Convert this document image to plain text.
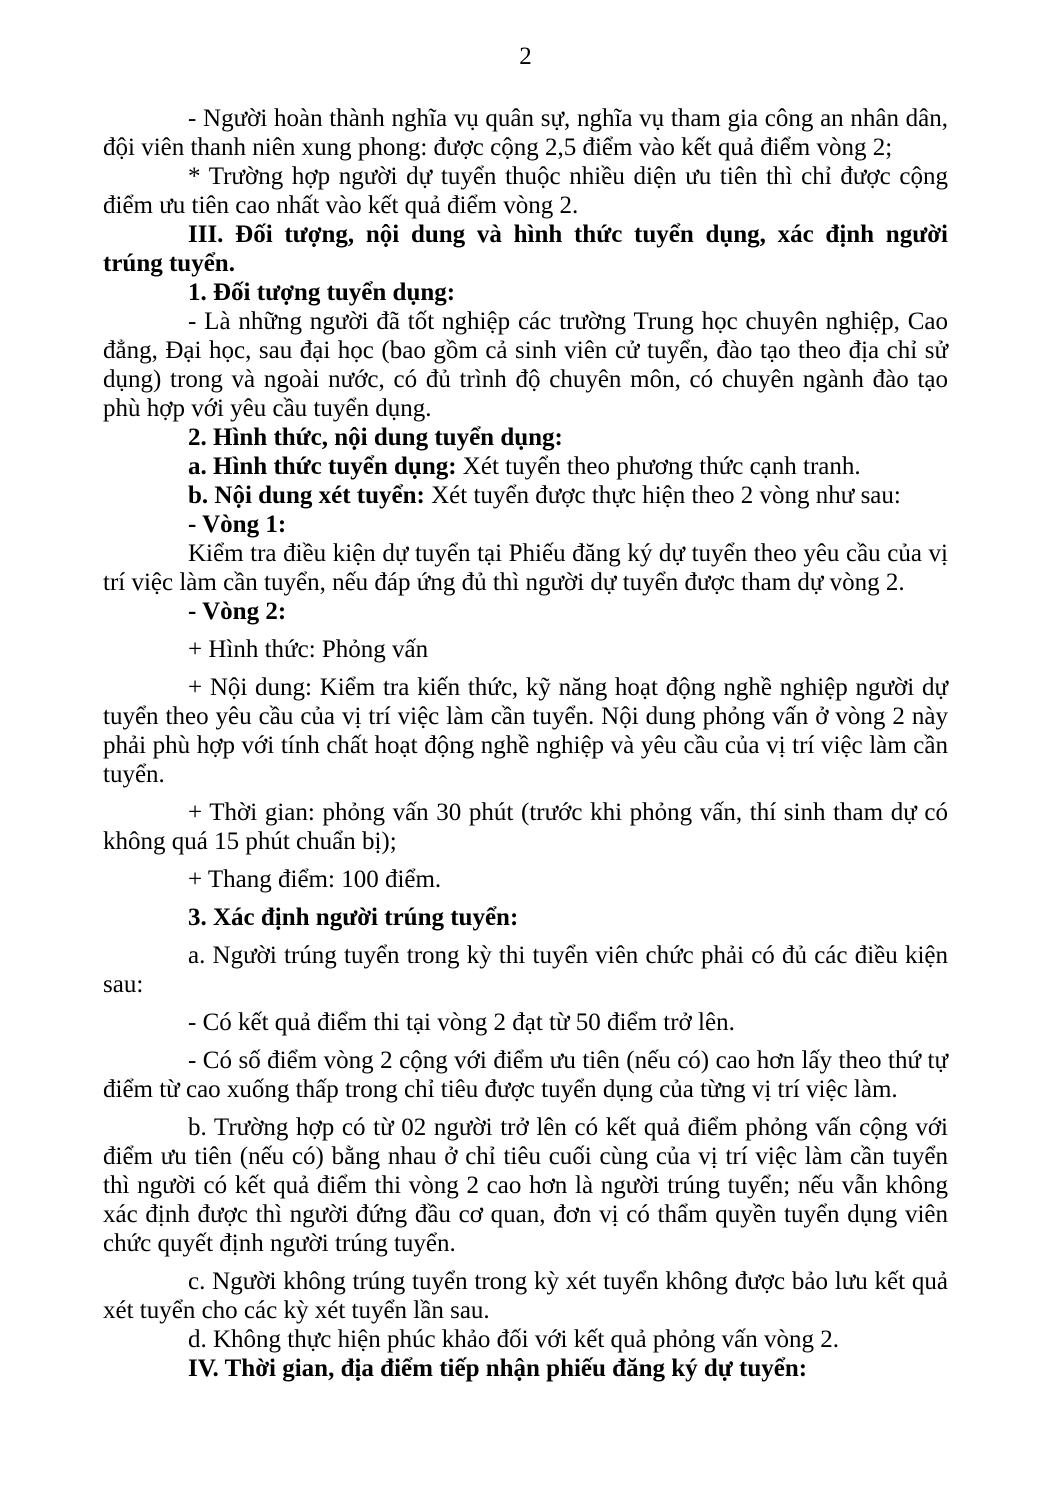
2

- Người hoàn thành nghĩa vụ quân sự, nghĩa vụ tham gia công an nhân dân, đội viên thanh niên xung phong: được cộng 2,5 điểm vào kết quả điểm vòng 2;

* Trường hợp người dự tuyển thuộc nhiều diện ưu tiên thì chỉ được cộng điểm ưu tiên cao nhất vào kết quả điểm vòng 2.

III. Đối tượng, nội dung và hình thức tuyển dụng, xác định người trúng tuyển.

1. Đối tượng tuyển dụng:

- Là những người đã tốt nghiệp các trường Trung học chuyên nghiệp, Cao đẳng, Đại học, sau đại học (bao gồm cả sinh viên cử tuyển, đào tạo theo địa chỉ sử dụng) trong và ngoài nước, có đủ trình độ chuyên môn, có chuyên ngành đào tạo phù hợp với yêu cầu tuyển dụng.

2. Hình thức, nội dung tuyển dụng:

a. Hình thức tuyển dụng: Xét tuyển theo phương thức cạnh tranh.

b. Nội dung xét tuyển: Xét tuyển được thực hiện theo 2 vòng như sau:

- Vòng 1:

Kiểm tra điều kiện dự tuyển tại Phiếu đăng ký dự tuyển theo yêu cầu của vị trí việc làm cần tuyển, nếu đáp ứng đủ thì người dự tuyển được tham dự vòng 2.

- Vòng 2:

+ Hình thức: Phỏng vấn

+ Nội dung: Kiểm tra kiến thức, kỹ năng hoạt động nghề nghiệp người dự tuyển theo yêu cầu của vị trí việc làm cần tuyển. Nội dung phỏng vấn ở vòng 2 này phải phù hợp với tính chất hoạt động nghề nghiệp và yêu cầu của vị trí việc làm cần tuyển.

+ Thời gian: phỏng vấn 30 phút (trước khi phỏng vấn, thí sinh tham dự có không quá 15 phút chuẩn bị);

+ Thang điểm: 100 điểm.

3. Xác định người trúng tuyển:

a. Người trúng tuyển trong kỳ thi tuyển viên chức phải có đủ các điều kiện sau:

- Có kết quả điểm thi tại vòng 2 đạt từ 50 điểm trở lên.

- Có số điểm vòng 2 cộng với điểm ưu tiên (nếu có) cao hơn lấy theo thứ tự điểm từ cao xuống thấp trong chỉ tiêu được tuyển dụng của từng vị trí việc làm.

b. Trường hợp có từ 02 người trở lên có kết quả điểm phỏng vấn cộng với điểm ưu tiên (nếu có) bằng nhau ở chỉ tiêu cuối cùng của vị trí việc làm cần tuyển thì người có kết quả điểm thi vòng 2 cao hơn là người trúng tuyển; nếu vẫn không xác định được thì người đứng đầu cơ quan, đơn vị có thẩm quyền tuyển dụng viên chức quyết định người trúng tuyển.

c. Người không trúng tuyển trong kỳ xét tuyển không được bảo lưu kết quả xét tuyển cho các kỳ xét tuyển lần sau.

d. Không thực hiện phúc khảo đối với kết quả phỏng vấn vòng 2.

IV. Thời gian, địa điểm tiếp nhận phiếu đăng ký dự tuyển:
